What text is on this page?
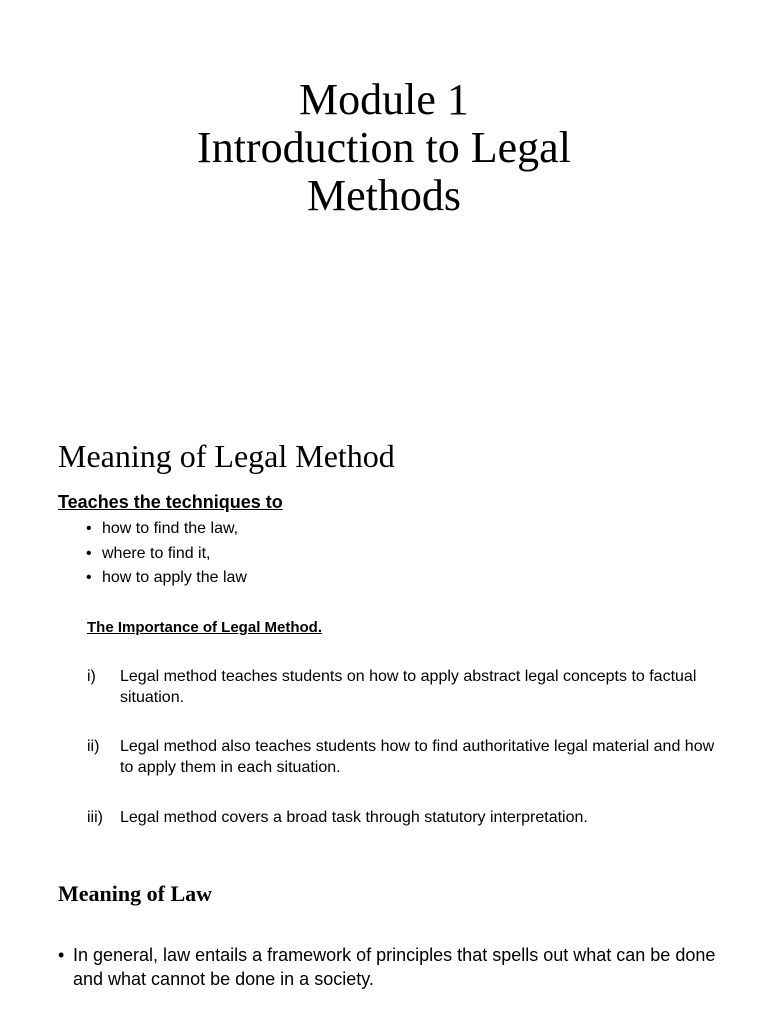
Module 1
Introduction to Legal
Methods
Meaning of Legal Method
Teaches the techniques to
• how to find the law,
• where to find it,
• how to apply the law
The Importance of Legal Method.
i) Legal method teaches students on how to apply abstract legal concepts to factual situation.
ii) Legal method also teaches students how to find authoritative legal material and how to apply them in each situation.
iii) Legal method covers a broad task through statutory interpretation.
Meaning of Law
• In general, law entails a framework of principles that spells out what can be done and what cannot be done in a society.
